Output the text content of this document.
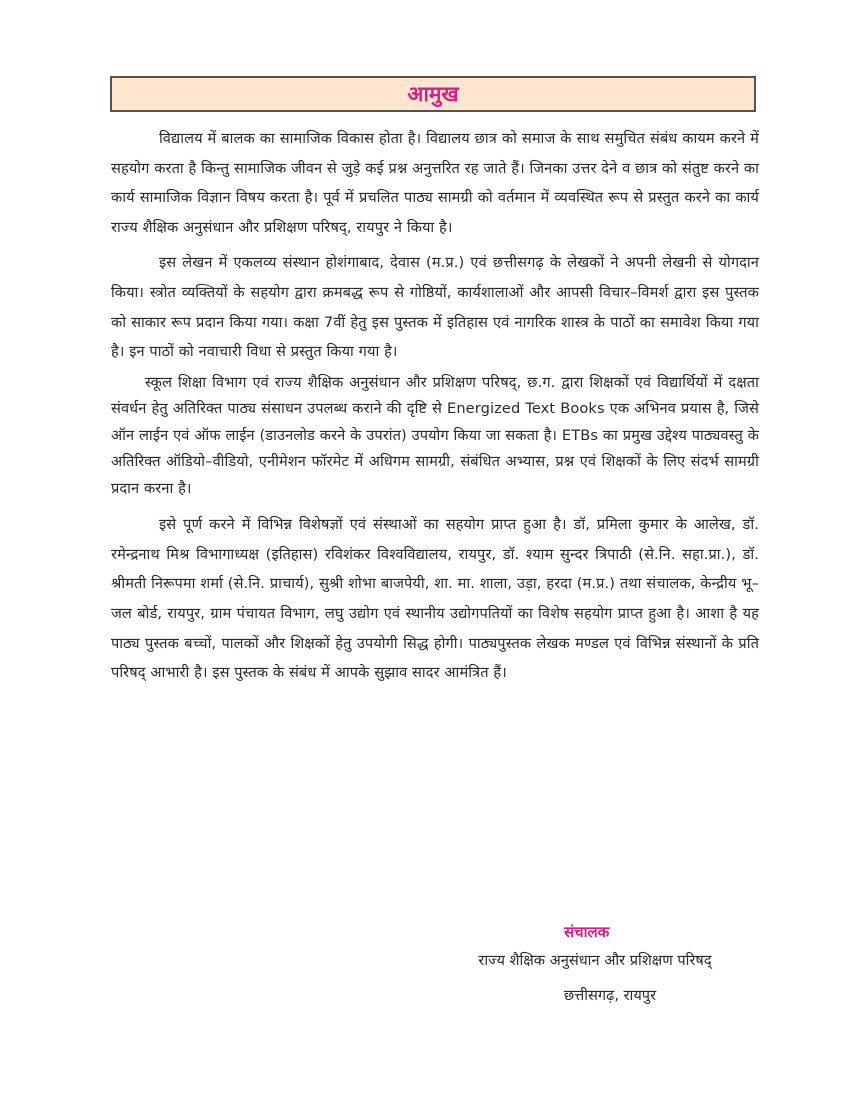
आमुख

विद्यालय में बालक का सामाजिक विकास होता है। विद्यालय छात्र को समाज के साथ समुचित संबंध कायम करने में सहयोग करता है किन्तु सामाजिक जीवन से जुड़े कई प्रश्न अनुत्तरित रह जाते हैं। जिनका उत्तर देने व छात्र को संतुष्ट करने का कार्य सामाजिक विज्ञान विषय करता है। पूर्व में प्रचलित पाठ्य सामग्री को वर्तमान में व्यवस्थित रूप से प्रस्तुत करने का कार्य राज्य शैक्षिक अनुसंधान और प्रशिक्षण परिषद्, रायपुर ने किया है।

इस लेखन में एकलव्य संस्थान होशंगाबाद, देवास (म.प्र.) एवं छत्तीसगढ़ के लेखकों ने अपनी लेखनी से योगदान किया। स्त्रोत व्यक्तियों के सहयोग द्वारा क्रमबद्ध रूप से गोष्ठियों, कार्यशालाओं और आपसी विचार–विमर्श द्वारा इस पुस्तक को साकार रूप प्रदान किया गया। कक्षा 7वीं हेतु इस पुस्तक में इतिहास एवं नागरिक शास्त्र के पाठों का समावेश किया गया है। इन पाठों को नवाचारी विधा से प्रस्तुत किया गया है।

स्कूल शिक्षा विभाग एवं राज्य शैक्षिक अनुसंधान और प्रशिक्षण परिषद्, छ.ग. द्वारा शिक्षकों एवं विद्यार्थियों में दक्षता संवर्धन हेतु अतिरिक्त पाठ्य संसाधन उपलब्ध कराने की दृष्टि से Energized Text Books एक अभिनव प्रयास है, जिसे ऑन लाईन एवं ऑफ लाईन (डाउनलोड करने के उपरांत) उपयोग किया जा सकता है। ETBs का प्रमुख उद्देश्य पाठ्यवस्तु के अतिरिक्त ऑडियो–वीडियो, एनीमेशन फॉरमेट में अधिगम सामग्री, संबंधित अभ्यास, प्रश्न एवं शिक्षकों के लिए संदर्भ सामग्री प्रदान करना है।

इसे पूर्ण करने में विभिन्न विशेषज्ञों एवं संस्थाओं का सहयोग प्राप्त हुआ है। डॉ, प्रमिला कुमार के आलेख, डॉ. रमेन्द्रनाथ मिश्र विभागाध्यक्ष (इतिहास) रविशंकर विश्वविद्यालय, रायपुर, डॉ. श्याम सुन्दर त्रिपाठी (से.नि. सहा.प्रा.), डॉ. श्रीमती निरूपमा शर्मा (से.नि. प्राचार्य), सुश्री शोभा बाजपेयी, शा. मा. शाला, उड़ा, हरदा (म.प्र.) तथा संचालक, केन्द्रीय भू–जल बोर्ड, रायपुर, ग्राम पंचायत विभाग, लघु उद्योग एवं स्थानीय उद्योगपतियों का विशेष सहयोग प्राप्त हुआ है। आशा है यह पाठ्य पुस्तक बच्चों, पालकों और शिक्षकों हेतु उपयोगी सिद्ध होगी। पाठ्यपुस्तक लेखक मण्डल एवं विभिन्न संस्थानों के प्रति परिषद् आभारी है। इस पुस्तक के संबंध में आपके सुझाव सादर आमंत्रित हैं।

संचालक
राज्य शैक्षिक अनुसंधान और प्रशिक्षण परिषद्
छत्तीसगढ़, रायपुर
